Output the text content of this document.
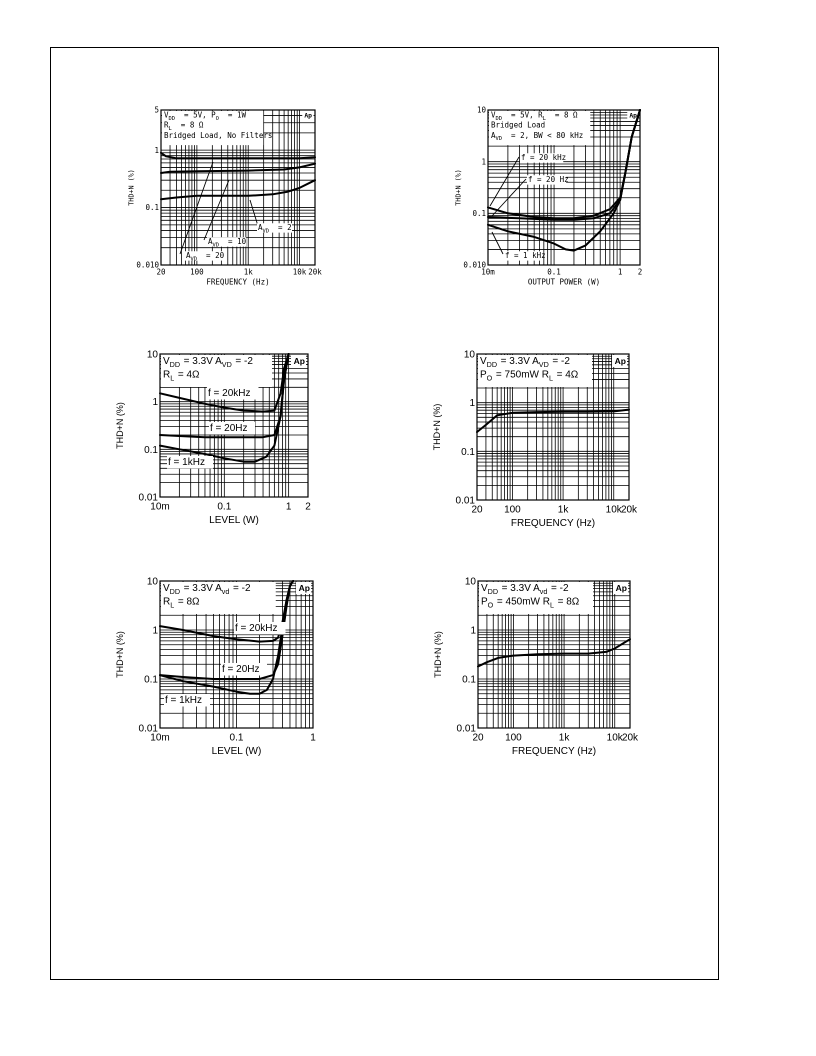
$V_{DD}$  = 5V, $P_O$  = 1W
$R_L$  = 8 Ω
Bridged Load, No Filters
Ap
$A_{VD}$  = 20
$A_{VD}$  = 10
$A_{VD}$  = 2
20	100	1k	10k 20k
5
1
0.1
0.010
FREQUENCY (Hz)
THD+N (%)
$V_{DD}$  = 5V, $R_L$  = 8 Ω
Bridged Load
$A_{VD}$  = 2, BW < 80 kHz
Ap
f = 20 kHz
f = 20 Hz
f = 1 kHz
10m	0.1	1 2
10
1
0.1
0.010
OUTPUT POWER (W)
THD+N (%)
$V_{DD}$  = 3.3V $A_{VD}$  = -2
$R_L$  = 4Ω
Ap
f = 20kHz
f = 20Hz
f = 1kHz
10m	0.1	1 2
10
1
0.1
0.01
LEVEL (W)
THD+N (%)
$V_{DD}$  = 3.3V $A_{VD}$  = -2
$P_O$  = 750mW $R_L$  = 4Ω
Ap
20 100	1k	10k 20k
10
1
0.1
0.01
FREQUENCY (Hz)
THD+N (%)
$V_{DD}$  = 3.3V $A_{vd}$  = -2
$R_L$  = 8Ω
Ap
f = 20kHz
f = 20Hz
f = 1kHz
10m	0.1	1
10
1
0.1
0.01
LEVEL (W)
THD+N (%)
$V_{DD}$  = 3.3V $A_{vd}$  = -2
$P_O$  = 450mW $R_L$  = 8Ω
Ap
20 100	1k	10k 20k
10
1
0.1
0.01
FREQUENCY (Hz)
THD+N (%)
